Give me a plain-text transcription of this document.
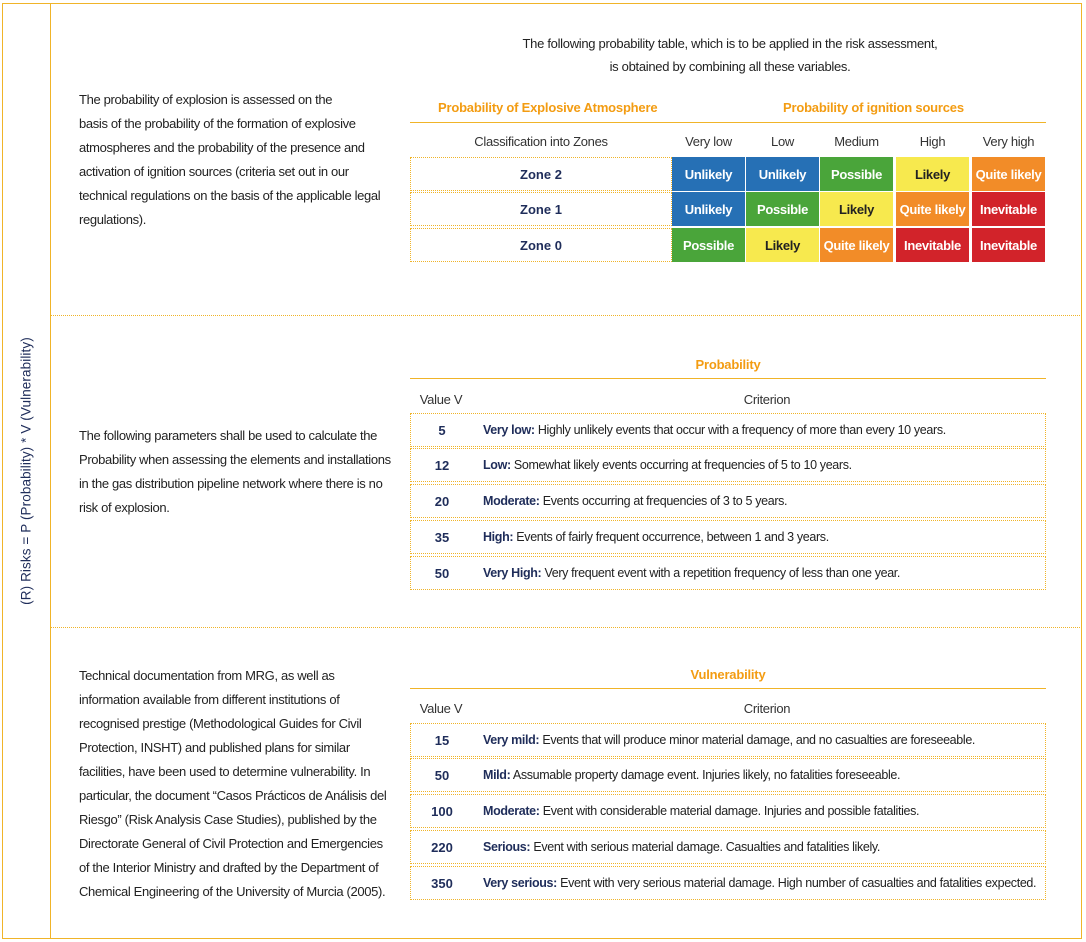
(R) Risks = P (Probability) * V (Vulnerability)
The probability of explosion is assessed on the
basis of the probability of the formation of explosive
atmospheres and the probability of the presence and
activation of ignition sources (criteria set out in our
technical regulations on the basis of the applicable legal
regulations).
The following probability table, which is to be applied in the risk assessment,
is obtained by combining all these variables.
Probability of Explosive Atmosphere	Probability of ignition sources
Classification into Zones	Very low	Low	Medium	High	Very high
Zone 2	Unlikely	Unlikely	Possible	Likely	Quite likely
Zone 1	Unlikely	Possible	Likely	Quite likely	Inevitable
Zone 0	Possible	Likely	Quite likely	Inevitable	Inevitable
The following parameters shall be used to calculate the
Probability when assessing the elements and installations
in the gas distribution pipeline network where there is no
risk of explosion.
Probability
Value V	Criterion
5	Very low: Highly unlikely events that occur with a frequency of more than every 10 years.
12	Low: Somewhat likely events occurring at frequencies of 5 to 10 years.
20	Moderate: Events occurring at frequencies of 3 to 5 years.
35	High: Events of fairly frequent occurrence, between 1 and 3 years.
50	Very High: Very frequent event with a repetition frequency of less than one year.
Technical documentation from MRG, as well as
information available from different institutions of
recognised prestige (Methodological Guides for Civil
Protection, INSHT) and published plans for similar
facilities, have been used to determine vulnerability. In
particular, the document “Casos Prácticos de Análisis del
Riesgo” (Risk Analysis Case Studies), published by the
Directorate General of Civil Protection and Emergencies
of the Interior Ministry and drafted by the Department of
Chemical Engineering of the University of Murcia (2005).
Vulnerability
Value V	Criterion
15	Very mild: Events that will produce minor material damage, and no casualties are foreseeable.
50	Mild: Assumable property damage event. Injuries likely, no fatalities foreseeable.
100	Moderate: Event with considerable material damage. Injuries and possible fatalities.
220	Serious: Event with serious material damage. Casualties and fatalities likely.
350	Very serious: Event with very serious material damage. High number of casualties and fatalities expected.
